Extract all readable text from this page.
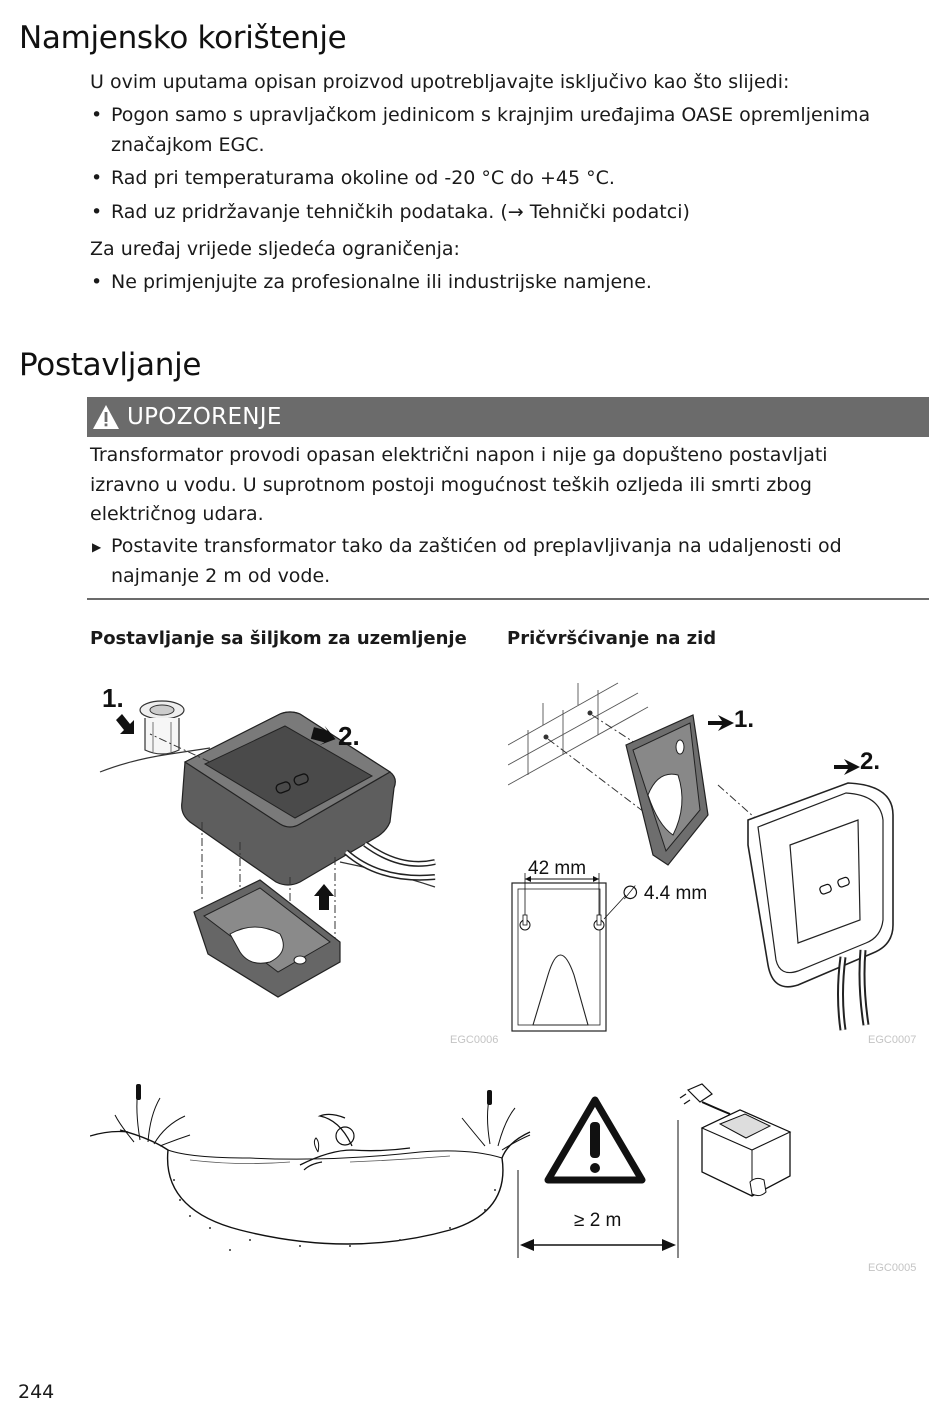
Namjensko korištenje

U ovim uputama opisan proizvod upotrebljavajte isključivo kao što slijedi:

• Pogon samo s upravljačkom jedinicom s krajnjim uređajima OASE opremljenima značajkom EGC.
• Rad pri temperaturama okoline od -20 °C do +45 °C.
• Rad uz pridržavanje tehničkih podataka. (→ Tehnički podatci)

Za uređaj vrijede sljedeća ograničenja:

• Ne primjenjujte za profesionalne ili industrijske namjene.
Postavljanje
UPOZORENJE

Transformator provodi opasan električni napon i nije ga dopušteno postavljati izravno u vodu. U suprotnom postoji mogućnost teških ozljeda ili smrti zbog električnog udara.

▶ Postavite transformator tako da zaštićen od preplavljivanja na udaljenosti od najmanje 2 m od vode.
Postavljanje sa šiljkom za uzemljenje Pričvršćivanje na zid
1.
2.
EGC0006
1.
2.
42 mm
∅ 4.4 mm
EGC0007
≥ 2 m
EGC0005
244
